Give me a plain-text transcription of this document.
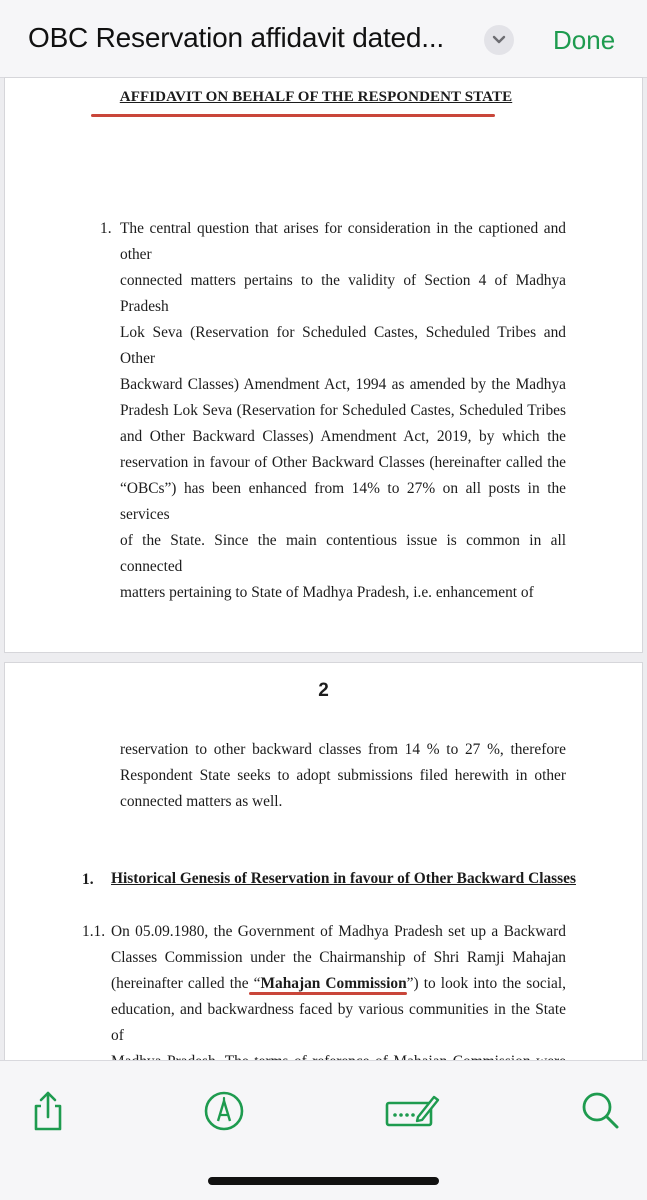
OBC Reservation affidavit dated...	Done
AFFIDAVIT ON BEHALF OF THE RESPONDENT STATE
1. The central question that arises for consideration in the captioned and other
connected matters pertains to the validity of Section 4 of Madhya Pradesh
Lok Seva (Reservation for Scheduled Castes, Scheduled Tribes and Other
Backward Classes) Amendment Act, 1994 as amended by the Madhya
Pradesh Lok Seva (Reservation for Scheduled Castes, Scheduled Tribes
and Other Backward Classes) Amendment Act, 2019, by which the
reservation in favour of Other Backward Classes (hereinafter called the
“OBCs”) has been enhanced from 14% to 27% on all posts in the services
of the State. Since the main contentious issue is common in all connected
matters pertaining to State of Madhya Pradesh, i.e. enhancement of
2
reservation to other backward classes from 14 % to 27 %, therefore
Respondent State seeks to adopt submissions filed herewith in other
connected matters as well.
1. Historical Genesis of Reservation in favour of Other Backward Classes
1.1. On 05.09.1980, the Government of Madhya Pradesh set up a Backward
Classes Commission under the Chairmanship of Shri Ramji Mahajan
(hereinafter called the “Mahajan Commission”) to look into the social,
education, and backwardness faced by various communities in the State of
